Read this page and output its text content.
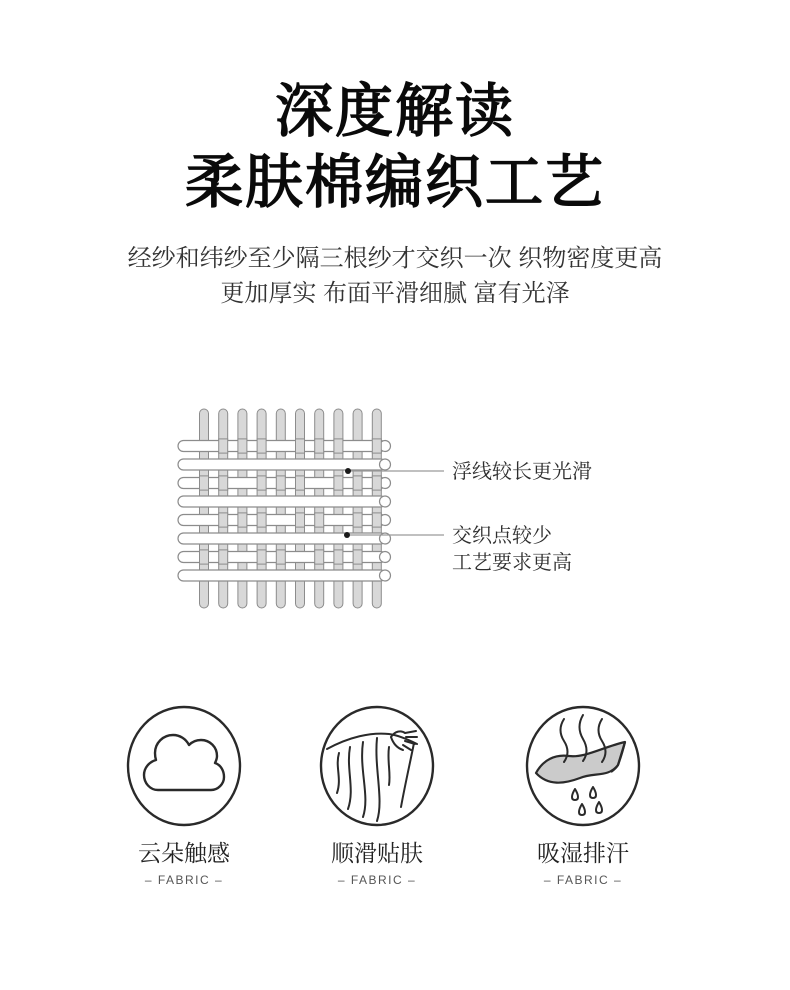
深度解读
柔肤棉编织工艺

经纱和纬纱至少隔三根纱才交织一次 织物密度更高
更加厚实 布面平滑细腻 富有光泽

浮线较长更光滑
交织点较少
工艺要求更高
云朵触感
– FABRIC –
顺滑贴肤
– FABRIC –
吸湿排汗
– FABRIC –
